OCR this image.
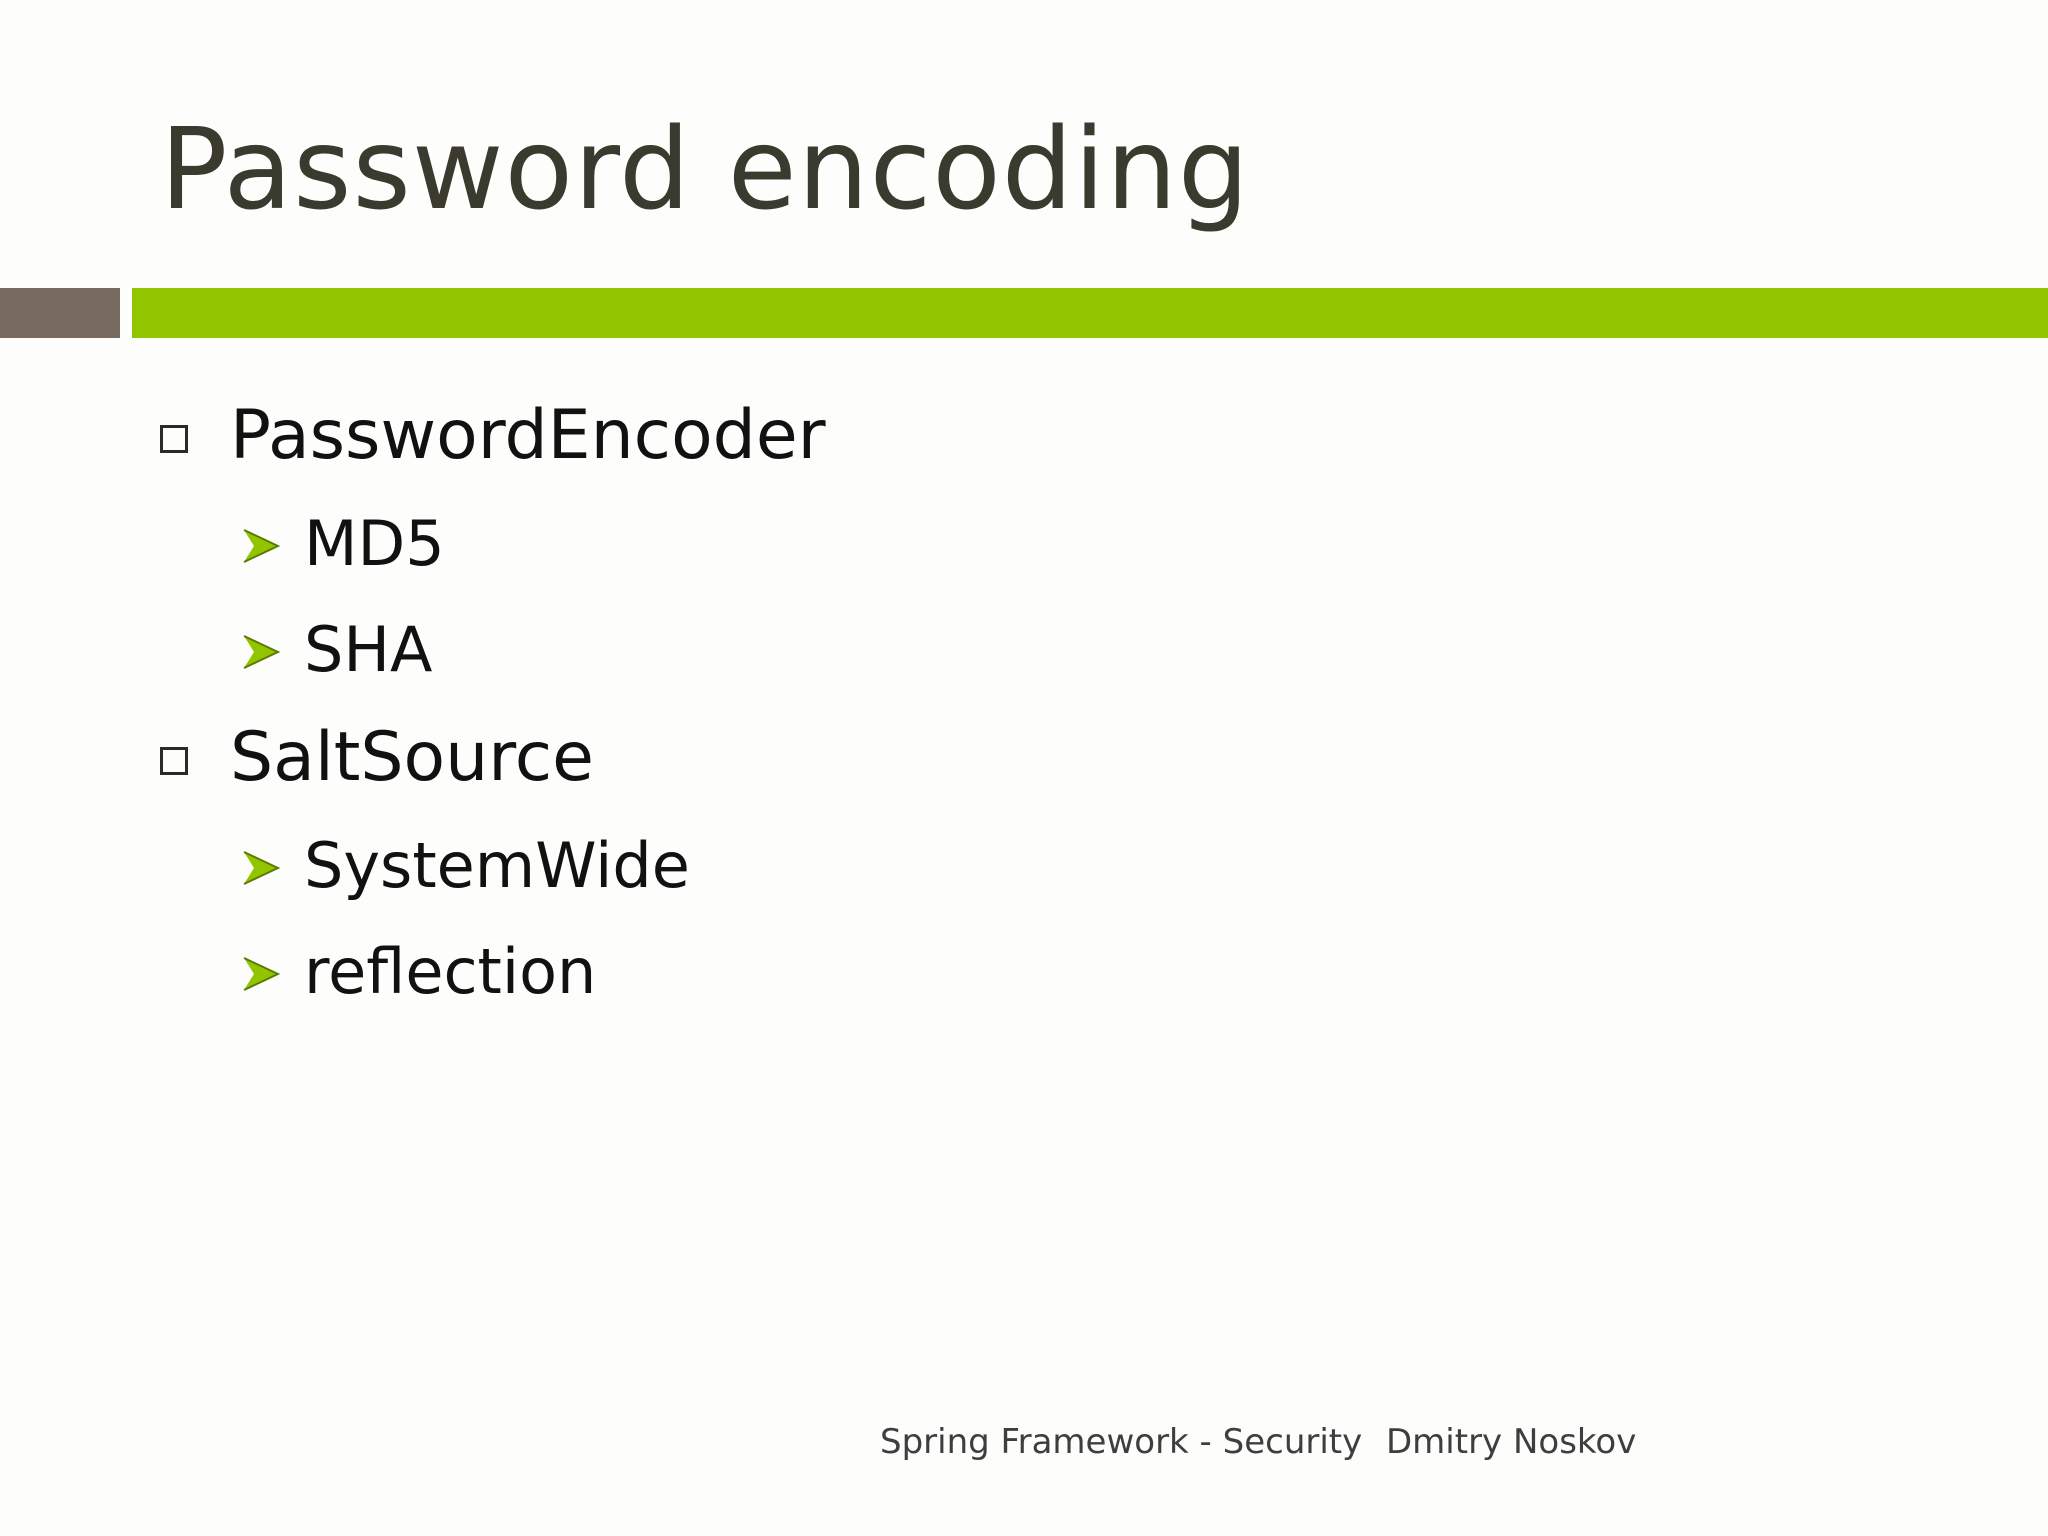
Password encoding
PasswordEncoder
MD5
SHA
SaltSource
SystemWide
reflection
Spring Framework - Security Dmitry Noskov
